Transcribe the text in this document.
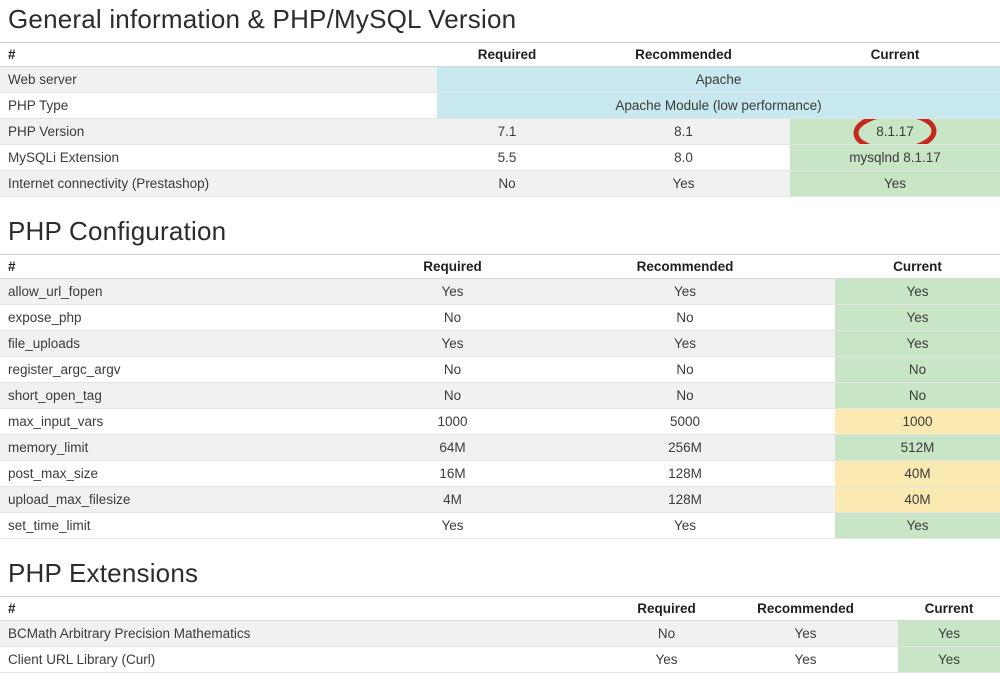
General information & PHP/MySQL Version
#	Required	Recommended	Current
Web server	Apache		
PHP Type	Apache Module (low performance)		
PHP Version	7.1	8.1	8.1.17

MySQLi Extension	5.5	8.0	mysqlnd 8.1.17
Internet connectivity (Prestashop)	No	Yes	Yes
PHP Configuration
#	Required	Recommended	Current
allow_url_fopen	Yes	Yes	Yes
expose_php	No	No	Yes
file_uploads	Yes	Yes	Yes
register_argc_argv	No	No	No
short_open_tag	No	No	No
max_input_vars	1000	5000	1000
memory_limit	64M	256M	512M
post_max_size	16M	128M	40M
upload_max_filesize	4M	128M	40M
set_time_limit	Yes	Yes	Yes
PHP Extensions
#	Required	Recommended	Current
BCMath Arbitrary Precision Mathematics	No	Yes	Yes
Client URL Library (Curl)	Yes	Yes	Yes
